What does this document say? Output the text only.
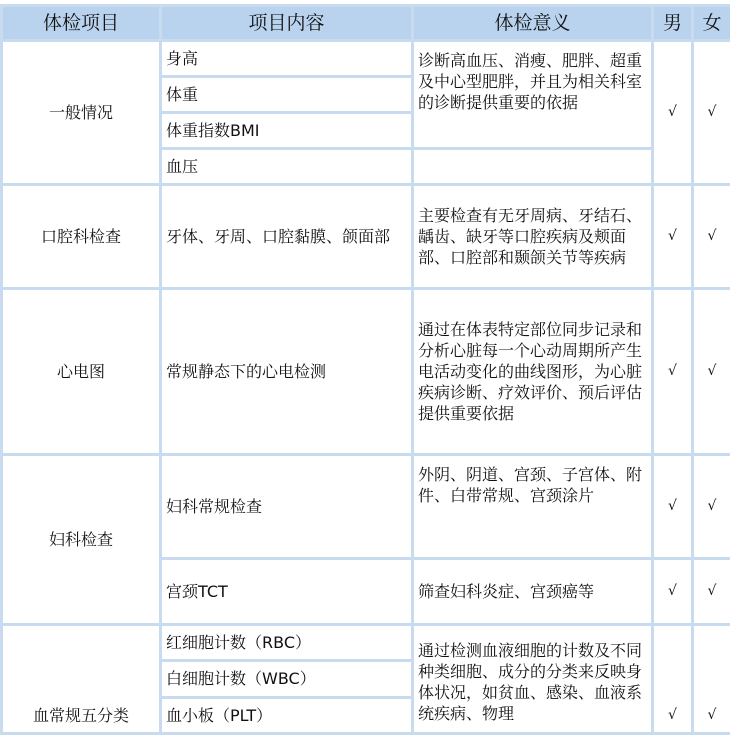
体检项目	项目内容	体检意义	男	女
一般情况	身高	诊断高血压、消瘦、肥胖、超重及中心型肥胖，并且为相关科室的诊断提供重要的依据	√	√
	体重			
	体重指数BMI			
	血压			
口腔科检查	牙体、牙周、口腔黏膜、颌面部	主要检查有无牙周病、牙结石、龋齿、缺牙等口腔疾病及颊面部、口腔部和颞颌关节等疾病	√	√
心电图	常规静态下的心电检测	通过在体表特定部位同步记录和分析心脏每一个心动周期所产生电活动变化的曲线图形，为心脏疾病诊断、疗效评价、预后评估提供重要依据	√	√
妇科检查	妇科常规检查	外阴、阴道、宫颈、子宫体、附件、白带常规、宫颈涂片	√	√
	宫颈TCT	筛查妇科炎症、宫颈癌等	√	√
血常规五分类	红细胞计数（RBC）	通过检测血液细胞的计数及不同种类细胞、成分的分类来反映身体状况，如贫血、感染、血液系统疾病、物理	√	√
	白细胞计数（WBC）			
	血小板（PLT）			
